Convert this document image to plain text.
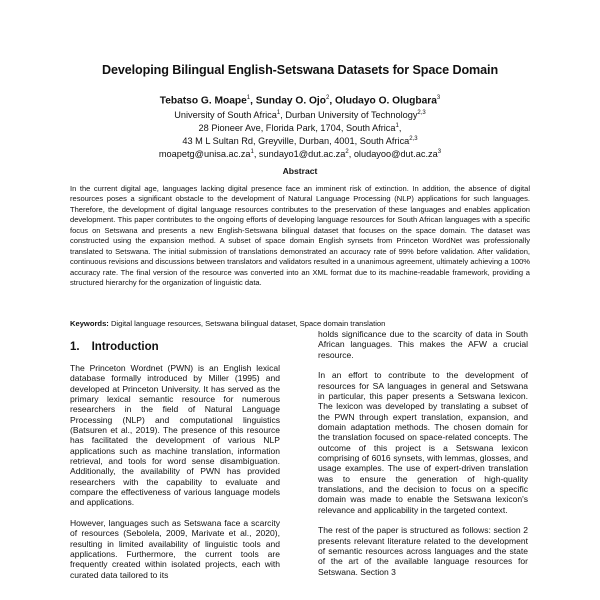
Developing Bilingual English-Setswana Datasets for Space Domain
Tebatso G. Moape$^1$, Sunday O. Ojo$^2$, Oludayo O. Olugbara$^3$
University of South Africa$^1$, Durban University of Technology$^{2,3}$
28 Pioneer Ave, Florida Park, 1704, South Africa$^1$,
43 M L Sultan Rd, Greyville, Durban, 4001, South Africa$^{2,3}$
$moapetg@unisa.ac.za^1$, $sundayo1@dut.ac.za^2$, $oludayoo@dut.ac.za^3$
Abstract

In the current digital age, languages lacking digital presence face an imminent risk of extinction. In addition, the absence of digital resources poses a significant obstacle to the development of Natural Language Processing (NLP) applications for such languages. Therefore, the development of digital language resources contributes to the preservation of these languages and enables application development. This paper contributes to the ongoing efforts of developing language resources for South African languages with a specific focus on Setswana and presents a new English-Setswana bilingual dataset that focuses on the space domain. The dataset was constructed using the expansion method. A subset of space domain English synsets from Princeton WordNet was professionally translated to Setswana. The initial submission of translations demonstrated an accuracy rate of 99% before validation. After validation, continuous revisions and discussions between translators and validators resulted in a unanimous agreement, ultimately achieving a 100% accuracy rate. The final version of the resource was converted into an XML format due to its machine-readable framework, providing a structured hierarchy for the organization of linguistic data.

Keywords: Digital language resources, Setswana bilingual dataset, Space domain translation
1. Introduction

The Princeton Wordnet (PWN) is an English lexical database formally introduced by Miller (1995) and developed at Princeton University. It has served as the primary lexical semantic resource for numerous researchers in the field of Natural Language Processing (NLP) and computational linguistics (Batsuren et al., 2019). The presence of this resource has facilitated the development of various NLP applications such as machine translation, information retrieval, and tools for word sense disambiguation. Additionally, the availability of PWN has provided researchers with the capability to evaluate and compare the effectiveness of various language models and applications.

However, languages such as Setswana face a scarcity of resources (Sebolela, 2009, Marivate et al., 2020), resulting in limited availability of linguistic tools and applications. Furthermore, the current tools are frequently created within isolated projects, each with curated data tailored to its

holds significance due to the scarcity of data in South African languages. This makes the AFW a crucial resource.

In an effort to contribute to the development of resources for SA languages in general and Setswana in particular, this paper presents a Setswana lexicon. The lexicon was developed by translating a subset of the PWN through expert translation, expansion, and domain adaptation methods. The chosen domain for the translation focused on space-related concepts. The outcome of this project is a Setswana lexicon comprising of 6016 synsets, with lemmas, glosses, and usage examples. The use of expert-driven translation was to ensure the generation of high-quality translations, and the decision to focus on a specific domain was made to enable the Setswana lexicon's relevance and applicability in the targeted context.

The rest of the paper is structured as follows: section 2 presents relevant literature related to the development of semantic resources across languages and the state of the art of the available language resources for Setswana. Section 3
